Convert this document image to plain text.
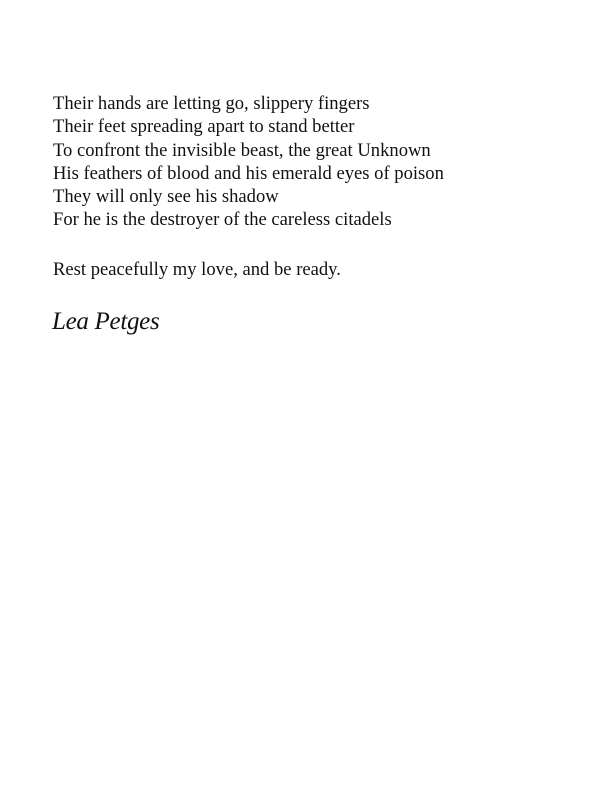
Their hands are letting go, slippery fingers
Their feet spreading apart to stand better
To confront the invisible beast, the great Unknown
His feathers of blood and his emerald eyes of poison
They will only see his shadow
For he is the destroyer of the careless citadels

Rest peacefully my love, and be ready.

Lea Petges
